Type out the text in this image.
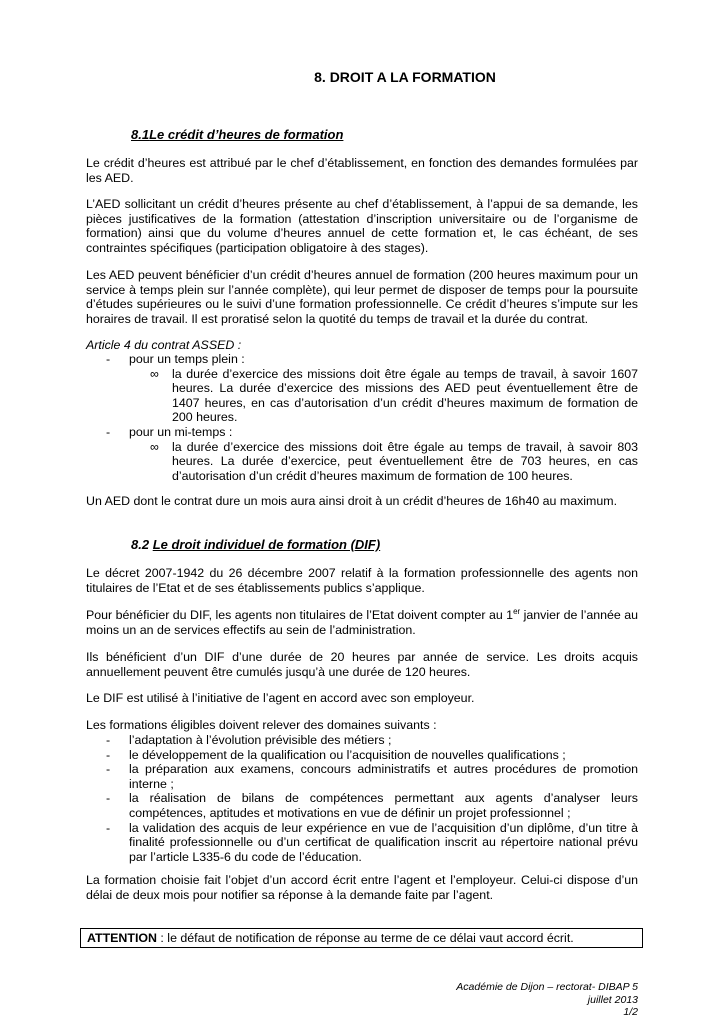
8. DROIT A LA FORMATION
8.1Le crédit d’heures de formation
Le crédit d’heures est attribué par le chef d’établissement, en fonction des demandes formulées par les AED.
L’AED sollicitant un crédit d’heures présente au chef d’établissement, à l’appui de sa demande, les pièces justificatives de la formation (attestation d’inscription universitaire ou de l’organisme de formation) ainsi que du volume d’heures annuel de cette formation et, le cas échéant, de ses contraintes spécifiques (participation obligatoire à des stages).
Les AED peuvent bénéficier d’un crédit d’heures annuel de formation (200 heures maximum pour un service à temps plein sur l’année complète), qui leur permet de disposer de temps pour la poursuite d’études supérieures ou le suivi d’une formation professionnelle. Ce crédit d’heures s’impute sur les horaires de travail. Il est proratisé selon la quotité du temps de travail et la durée du contrat.
Article 4 du contrat ASSED :
- pour un temps plein :
∞ la durée d’exercice des missions doit être égale au temps de travail, à savoir 1607 heures. La durée d’exercice des missions des AED peut éventuellement être de 1407 heures, en cas d’autorisation d’un crédit d’heures maximum de formation de 200 heures.
- pour un mi-temps :
∞ la durée d’exercice des missions doit être égale au temps de travail, à savoir 803 heures. La durée d’exercice, peut éventuellement être de 703 heures, en cas d’autorisation d’un crédit d’heures maximum de formation de 100 heures.
Un AED dont le contrat dure un mois aura ainsi droit à un crédit d’heures de 16h40 au maximum.
8.2 Le droit individuel de formation (DIF)
Le décret 2007-1942 du 26 décembre 2007 relatif à la formation professionnelle des agents non titulaires de l’Etat et de ses établissements publics s’applique.
Pour bénéficier du DIF, les agents non titulaires de l’Etat doivent compter au 1er janvier de l’année au moins un an de services effectifs au sein de l’administration.
Ils bénéficient d’un DIF d’une durée de 20 heures par année de service. Les droits acquis annuellement peuvent être cumulés jusqu’à une durée de 120 heures.
Le DIF est utilisé à l’initiative de l’agent en accord avec son employeur.
Les formations éligibles doivent relever des domaines suivants :
- l’adaptation à l’évolution prévisible des métiers ;
- le développement de la qualification ou l’acquisition de nouvelles qualifications ;
- la préparation aux examens, concours administratifs et autres procédures de promotion interne ;
- la réalisation de bilans de compétences permettant aux agents d’analyser leurs compétences, aptitudes et motivations en vue de définir un projet professionnel ;
- la validation des acquis de leur expérience en vue de l’acquisition d’un diplôme, d’un titre à finalité professionnelle ou d’un certificat de qualification inscrit au répertoire national prévu par l’article L335-6 du code de l’éducation.
La formation choisie fait l’objet d’un accord écrit entre l’agent et l’employeur. Celui-ci dispose d’un délai de deux mois pour notifier sa réponse à la demande faite par l’agent.
ATTENTION : le défaut de notification de réponse au terme de ce délai vaut accord écrit.
Académie de Dijon – rectorat- DIBAP 5
juillet 2013
1/2
